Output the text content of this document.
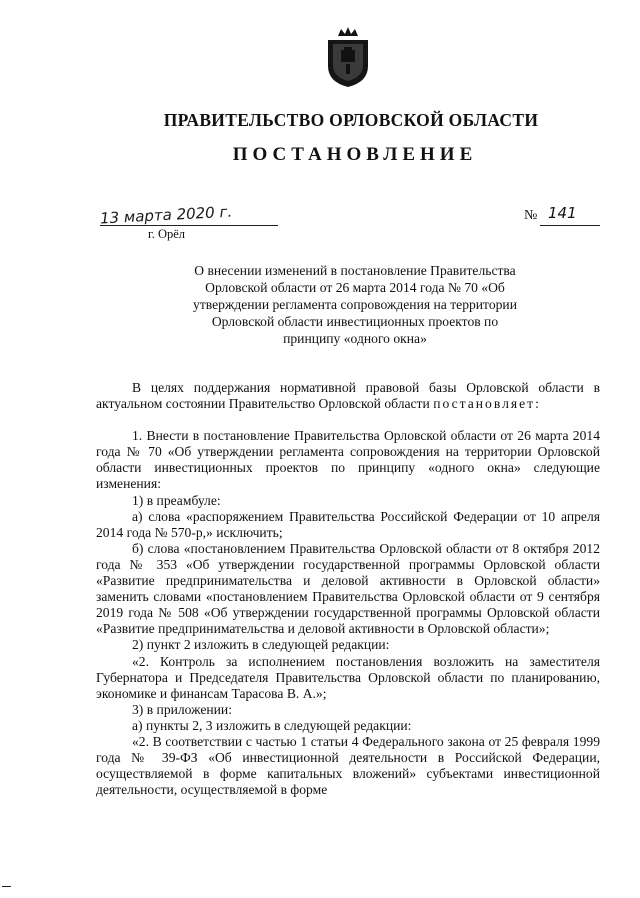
ПРАВИТЕЛЬСТВО ОРЛОВСКОЙ ОБЛАСТИ
ПОСТАНОВЛЕНИЕ
13 марта 2020 г.
г. Орёл
№ 141
О внесении изменений в постановление Правительства Орловской области от 26 марта 2014 года № 70 «Об утверждении регламента сопровождения на территории Орловской области инвестиционных проектов по принципу «одного окна»

В целях поддержания нормативной правовой базы Орловской области в актуальном состоянии Правительство Орловской области постановляет:

1. Внести в постановление Правительства Орловской области от 26 марта 2014 года № 70 «Об утверждении регламента сопровождения на территории Орловской области инвестиционных проектов по принципу «одного окна» следующие изменения:

1) в преамбуле:

а) слова «распоряжением Правительства Российской Федерации от 10 апреля 2014 года № 570-р,» исключить;

б) слова «постановлением Правительства Орловской области от 8 октября 2012 года № 353 «Об утверждении государственной программы Орловской области «Развитие предпринимательства и деловой активности в Орловской области» заменить словами «постановлением Правительства Орловской области от 9 сентября 2019 года № 508 «Об утверждении государственной программы Орловской области «Развитие предпринимательства и деловой активности в Орловской области»;

2) пункт 2 изложить в следующей редакции:

«2. Контроль за исполнением постановления возложить на заместителя Губернатора и Председателя Правительства Орловской области по планированию, экономике и финансам Тарасова В. А.»;

3) в приложении:

а) пункты 2, 3 изложить в следующей редакции:

«2. В соответствии с частью 1 статьи 4 Федерального закона от 25 февраля 1999 года № 39-ФЗ «Об инвестиционной деятельности в Российской Федерации, осуществляемой в форме капитальных вложений» субъектами инвестиционной деятельности, осуществляемой в форме
